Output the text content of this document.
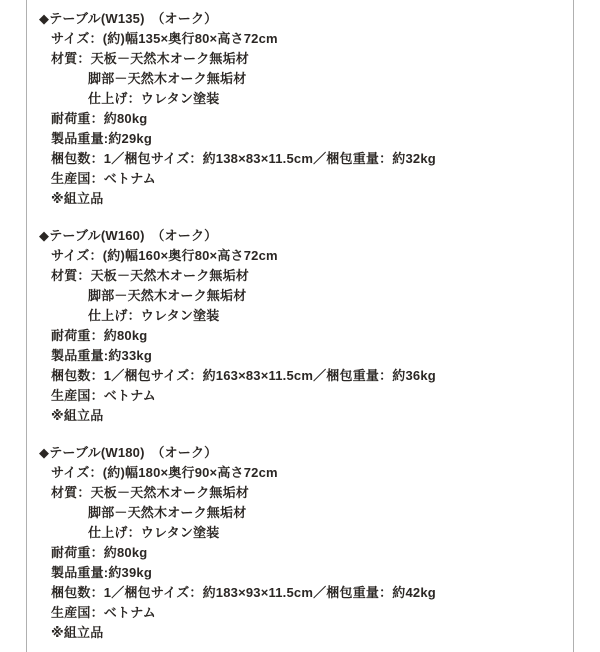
◆テーブル(W135)　（オーク）
サイズ：(約)幅135×奥行80×高さ72cm
材質：天板－天然木オーク無垢材
脚部－天然木オーク無垢材
仕上げ：ウレタン塗装
耐荷重：約80kg
製品重量:約29kg
梱包数：1／梱包サイズ：約138×83×11.5cm／梱包重量：約32kg
生産国：ベトナム
※組立品
◆テーブル(W160)　（オーク）
サイズ：(約)幅160×奥行80×高さ72cm
材質：天板－天然木オーク無垢材
脚部－天然木オーク無垢材
仕上げ：ウレタン塗装
耐荷重：約80kg
製品重量:約33kg
梱包数：1／梱包サイズ：約163×83×11.5cm／梱包重量：約36kg
生産国：ベトナム
※組立品
◆テーブル(W180)　（オーク）
サイズ：(約)幅180×奥行90×高さ72cm
材質：天板－天然木オーク無垢材
脚部－天然木オーク無垢材
仕上げ：ウレタン塗装
耐荷重：約80kg
製品重量:約39kg
梱包数：1／梱包サイズ：約183×93×11.5cm／梱包重量：約42kg
生産国：ベトナム
※組立品
